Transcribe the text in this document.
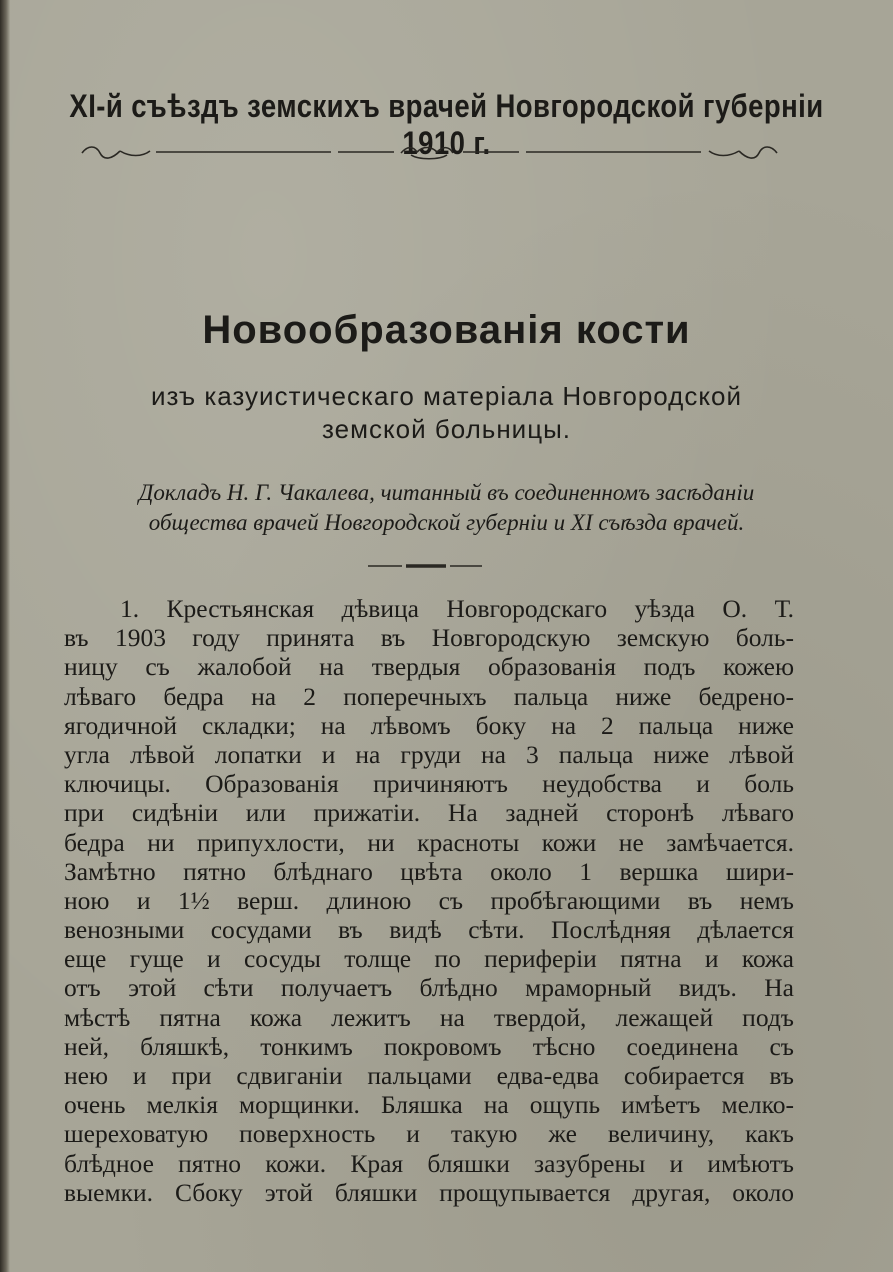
XI-й съѣздъ земскихъ врачей Новгородской губерніи 1910 г.
Новообразованія кости
изъ казуистическаго матеріала Новгородской
земской больницы.
Докладъ Н. Г. Чакалева, читанный въ соединенномъ засѣданіи
общества врачей Новгородской губерніи и XI съѣзда врачей.
1. Крестьянская дѣвица Новгородскаго уѣзда О. Т.
въ 1903 году принята въ Новгородскую земскую боль-
ницу съ жалобой на твердыя образованія подъ кожею
лѣваго бедра на 2 поперечныхъ пальца ниже бедрено-
ягодичной складки; на лѣвомъ боку на 2 пальца ниже
угла лѣвой лопатки и на груди на 3 пальца ниже лѣвой
ключицы. Образованія причиняютъ неудобства и боль
при сидѣніи или прижатіи. На задней сторонѣ лѣваго
бедра ни припухлости, ни красноты кожи не замѣчается.
Замѣтно пятно блѣднаго цвѣта около 1 вершка шири-
ною и 1½ верш. длиною съ пробѣгающими въ немъ
венозными сосудами въ видѣ сѣти. Послѣдняя дѣлается
еще гуще и сосуды толще по периферіи пятна и кожа
отъ этой сѣти получаетъ блѣдно мраморный видъ. На
мѣстѣ пятна кожа лежитъ на твердой, лежащей подъ
ней, бляшкѣ, тонкимъ покровомъ тѣсно соединена съ
нею и при сдвиганіи пальцами едва-едва собирается въ
очень мелкія морщинки. Бляшка на ощупь имѣетъ мелко-
шереховатую поверхность и такую же величину, какъ
блѣдное пятно кожи. Края бляшки зазубрены и имѣютъ
выемки. Сбоку этой бляшки прощупывается другая, около
